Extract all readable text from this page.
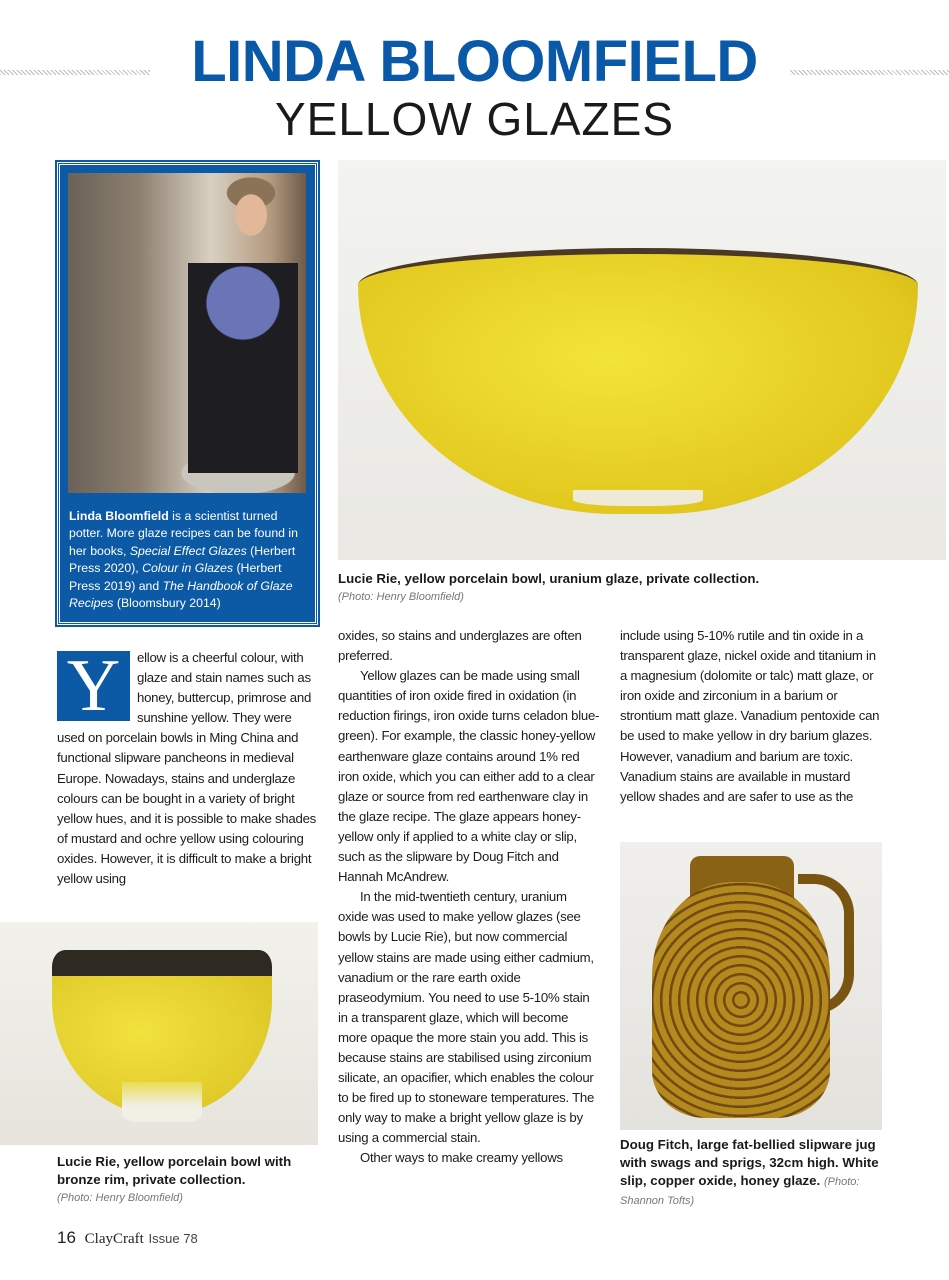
LINDA BLOOMFIELD
YELLOW GLAZES
Linda Bloomfield is a scientist turned potter. More glaze recipes can be found in her books, Special Effect Glazes (Herbert Press 2020), Colour in Glazes (Herbert Press 2019) and The Handbook of Glaze Recipes (Bloomsbury 2014)
Lucie Rie, yellow porcelain bowl, uranium glaze, private collection.
(Photo: Henry Bloomfield)
Y	ellow is a cheerful colour, with glaze and stain names such as honey, buttercup, primrose and sunshine yellow. They were used on porcelain bowls in Ming China and functional slipware pancheons in medieval Europe. Nowadays, stains and underglaze colours can be bought in a variety of bright yellow hues, and it is possible to make shades of mustard and ochre yellow using colouring oxides. However, it is difficult to make a bright yellow using

oxides, so stains and underglazes are often preferred.

Yellow glazes can be made using small quantities of iron oxide fired in oxidation (in reduction firings, iron oxide turns celadon blue-green). For example, the classic honey-yellow earthenware glaze contains around 1% red iron oxide, which you can either add to a clear glaze or source from red earthenware clay in the glaze recipe. The glaze appears honey-yellow only if applied to a white clay or slip, such as the slipware by Doug Fitch and Hannah McAndrew.

In the mid-twentieth century, uranium oxide was used to make yellow glazes (see bowls by Lucie Rie), but now commercial yellow stains are made using either cadmium, vanadium or the rare earth oxide praseodymium. You need to use 5-10% stain in a transparent glaze, which will become more opaque the more stain you add. This is because stains are stabilised using zirconium silicate, an opacifier, which enables the colour to be fired up to stoneware temperatures. The only way to make a bright yellow glaze is by using a commercial stain.

Other ways to make creamy yellows

include using 5-10% rutile and tin oxide in a transparent glaze, nickel oxide and titanium in a magnesium (dolomite or talc) matt glaze, or iron oxide and zirconium in a barium or strontium matt glaze. Vanadium pentoxide can be used to make yellow in dry barium glazes. However, vanadium and barium are toxic. Vanadium stains are available in mustard yellow shades and are safer to use as the

Lucie Rie, yellow porcelain bowl with bronze rim, private collection.
(Photo: Henry Bloomfield)
Doug Fitch, large fat-bellied slipware jug with swags and sprigs, 32cm high. White slip, copper oxide, honey glaze. (Photo: Shannon Tofts)
16 ClayCraft Issue 78
